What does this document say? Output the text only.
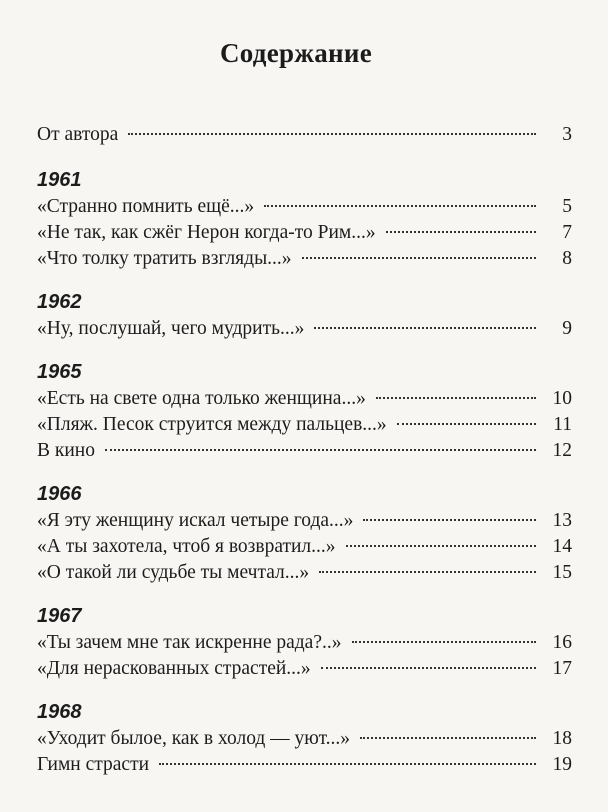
Содержание
От автора	3
1961
«Странно помнить ещё...»	5
«Не так, как сжёг Нерон когда-то Рим...»	7
«Что толку тратить взгляды...»	8
1962
«Ну, послушай, чего мудрить...»	9
1965
«Есть на свете одна только женщина...»	10
«Пляж. Песок струится между пальцев...»	11
В кино	12
1966
«Я эту женщину искал четыре года...»	13
«А ты захотела, чтоб я возвратил...»	14
«О такой ли судьбе ты мечтал...»	15
1967
«Ты зачем мне так искренне рада?..»	16
«Для нераскованных страстей...»	17
1968
«Уходит былое, как в холод — уют...»	18
Гимн страсти	19
